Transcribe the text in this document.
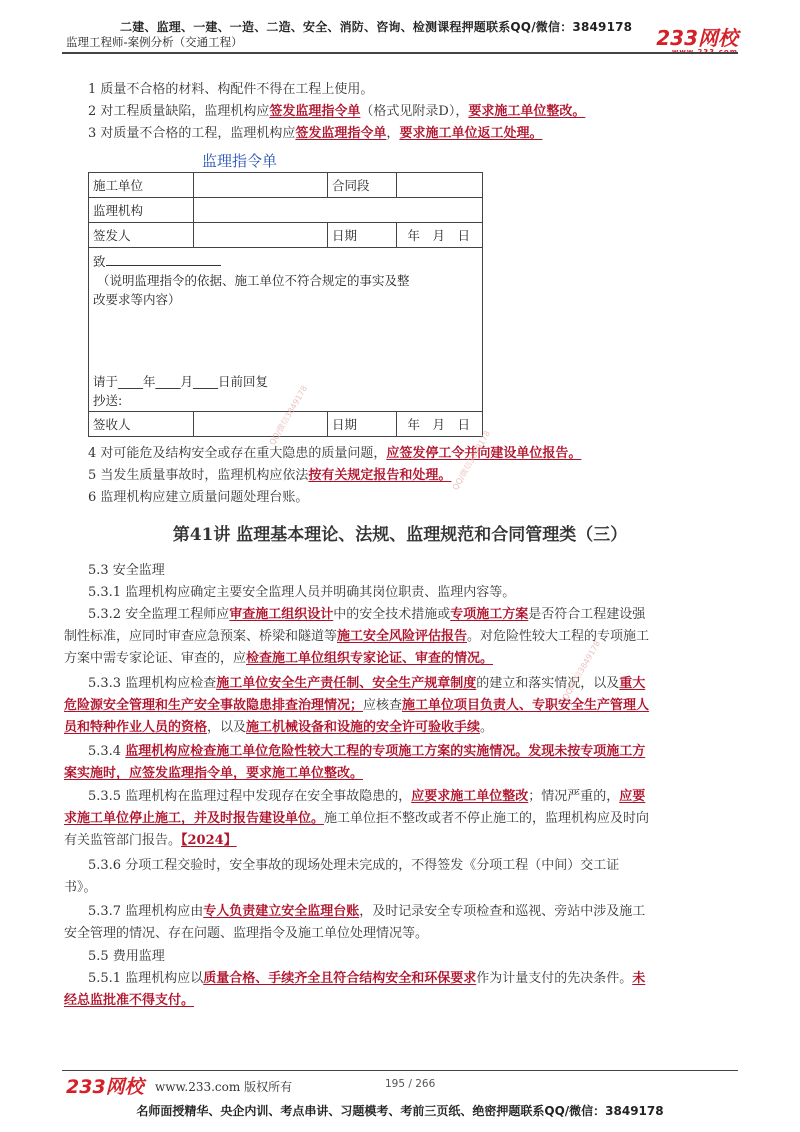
二建、监理、一建、一造、二造、安全、消防、咨询、检测课程押题联系QQ/微信：3849178
监理工程师-案例分析（交通工程）	233网校
www.233.com
1 质量不合格的材料、构配件不得在工程上使用。
2 对工程质量缺陷，监理机构应签发监理指令单（格式见附录D），要求施工单位整改。
3 对质量不合格的工程，监理机构应签发监理指令单，要求施工单位返工处理。
监理指令单
施工单位		合同段	
监理机构			
签发人		日期	年　月　日

致
（说明监理指令的依据、施工单位不符合规定的事实及整
改要求等内容）
请于____年____月____日前回复
抄送:			

签收人		日期	年　月　日
4 对可能危及结构安全或存在重大隐患的质量问题，应签发停工令并向建设单位报告。
5 当发生质量事故时，监理机构应依法按有关规定报告和处理。
6 监理机构应建立质量问题处理台账。
第41讲 监理基本理论、法规、监理规范和合同管理类（三）
5.3 安全监理
5.3.1 监理机构应确定主要安全监理人员并明确其岗位职责、监理内容等。
5.3.2 安全监理工程师应审查施工组织设计中的安全技术措施或专项施工方案是否符合工程建设强
制性标准，应同时审查应急预案、桥梁和隧道等施工安全风险评估报告。对危险性较大工程的专项施工
方案中需专家论证、审查的，应检查施工单位组织专家论证、审查的情况。
5.3.3 监理机构应检查施工单位安全生产责任制、安全生产规章制度的建立和落实情况，以及重大
危险源安全管理和生产安全事故隐患排查治理情况；应核查施工单位项目负责人、专职安全生产管理人
员和特种作业人员的资格，以及施工机械设备和设施的安全许可验收手续。
5.3.4 监理机构应检查施工单位危险性较大工程的专项施工方案的实施情况。发现未按专项施工方
案实施时，应签发监理指令单，要求施工单位整改。
5.3.5 监理机构在监理过程中发现存在安全事故隐患的，应要求施工单位整改；情况严重的，应要
求施工单位停止施工，并及时报告建设单位。施工单位拒不整改或者不停止施工的，监理机构应及时向
有关监管部门报告。【2024】
5.3.6 分项工程交验时，安全事故的现场处理未完成的，不得签发《分项工程（中间）交工证
书》。
5.3.7 监理机构应由专人负责建立安全监理台账，及时记录安全专项检查和巡视、旁站中涉及施工
安全管理的情况、存在问题、监理指令及施工单位处理情况等。
5.5 费用监理
5.5.1 监理机构应以质量合格、手续齐全且符合结构安全和环保要求作为计量支付的先决条件。未
经总监批准不得支付。
QQ/微信3849178
QQ/微信3849178
QQ/微信3849178
233网校 www.233.com 版权所有	195 / 266
名师面授精华、央企内训、考点串讲、习题模考、考前三页纸、绝密押题联系QQ/微信：3849178
